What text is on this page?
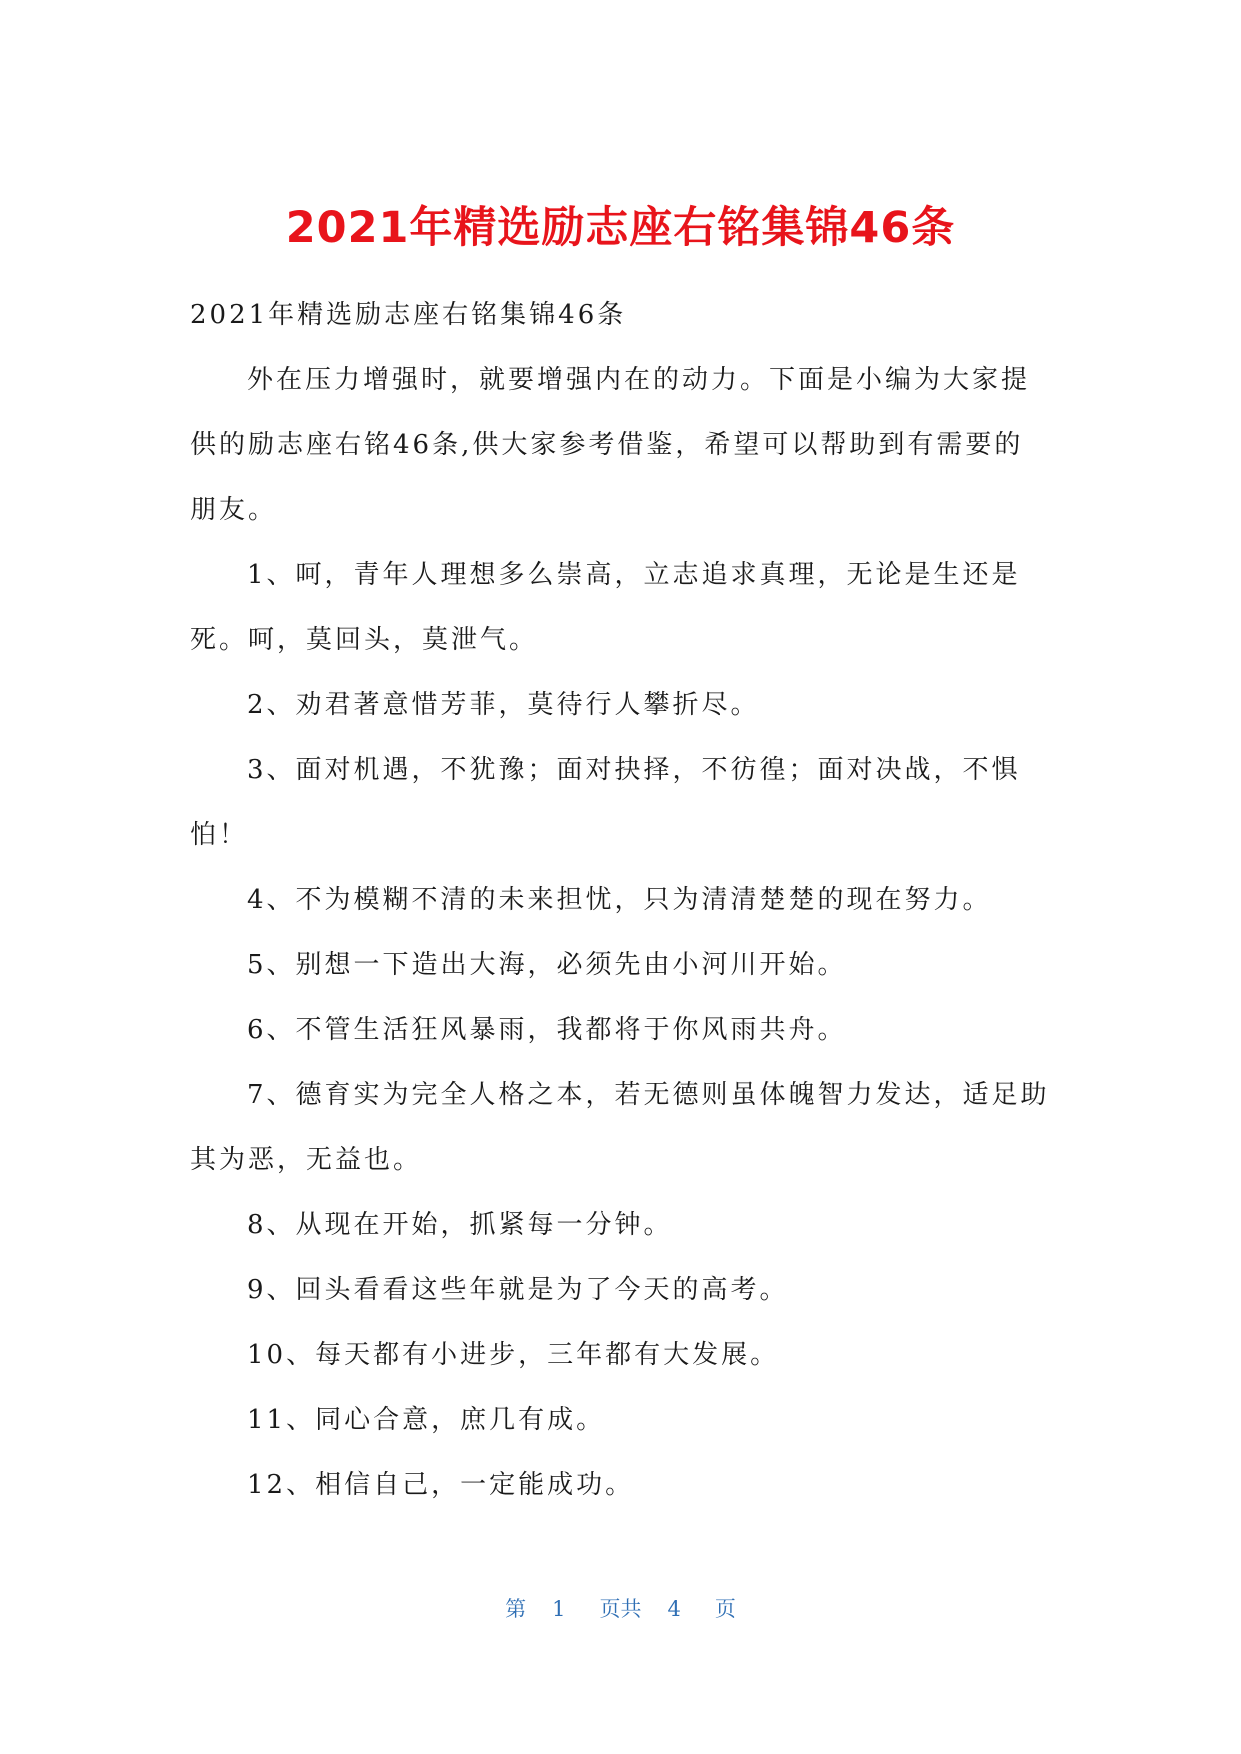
2021年精选励志座右铭集锦46条

2021年精选励志座右铭集锦46条

外在压力增强时，就要增强内在的动力。下面是小编为大家提供的励志座右铭46条,供大家参考借鉴，希望可以帮助到有需要的朋友。

1、呵，青年人理想多么崇高，立志追求真理，无论是生还是死。呵，莫回头，莫泄气。

2、劝君著意惜芳菲，莫待行人攀折尽。

3、面对机遇，不犹豫；面对抉择，不彷徨；面对决战，不惧怕！

4、不为模糊不清的未来担忧，只为清清楚楚的现在努力。

5、别想一下造出大海，必须先由小河川开始。

6、不管生活狂风暴雨，我都将于你风雨共舟。

7、德育实为完全人格之本，若无德则虽体魄智力发达，适足助其为恶，无益也。

8、从现在开始，抓紧每一分钟。

9、回头看看这些年就是为了今天的高考。

10、每天都有小进步，三年都有大发展。

11、同心合意，庶几有成。

12、相信自己，一定能成功。

第 1 页共 4 页
